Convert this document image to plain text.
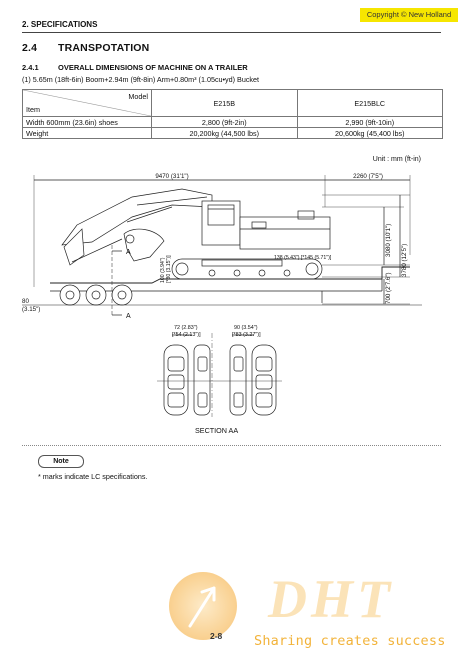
2. SPECIFICATIONS
Copyright © New Holland
2.4 TRANSPOTATION
2.4.1	OVERALL DIMENSIONS OF MACHINE ON A TRAILER
(1) 5.65m (18ft-6in) Boom+2.94m (9ft-8in) Arm+0.80m³ (1.05cu•yd) Bucket
Model
Item	E215B	E215BLC
Width 600mm (23.6in) shoes	2,800 (9ft-2in)	2,990 (9ft-10in)
Weight	20,200kg (44,500 lbs)	20,600kg (45,400 lbs)
Unit : mm (ft-in)
9470 (31'1")	2260 (7'5")
3080 (10'1")
3780 (12'5")
700 (2'7.6")
80
(3.15")
100 (3.94") [*80 (3.15")]	138 (5.43") [*145 (5.71")]
A
A
72 (2.83")
[*54 (2.13")]
90 (3.54")
[*83 (3.27")]
SECTION AA
Note
* marks indicate LC specifications.
DHT
2-8 Sharing creates success
